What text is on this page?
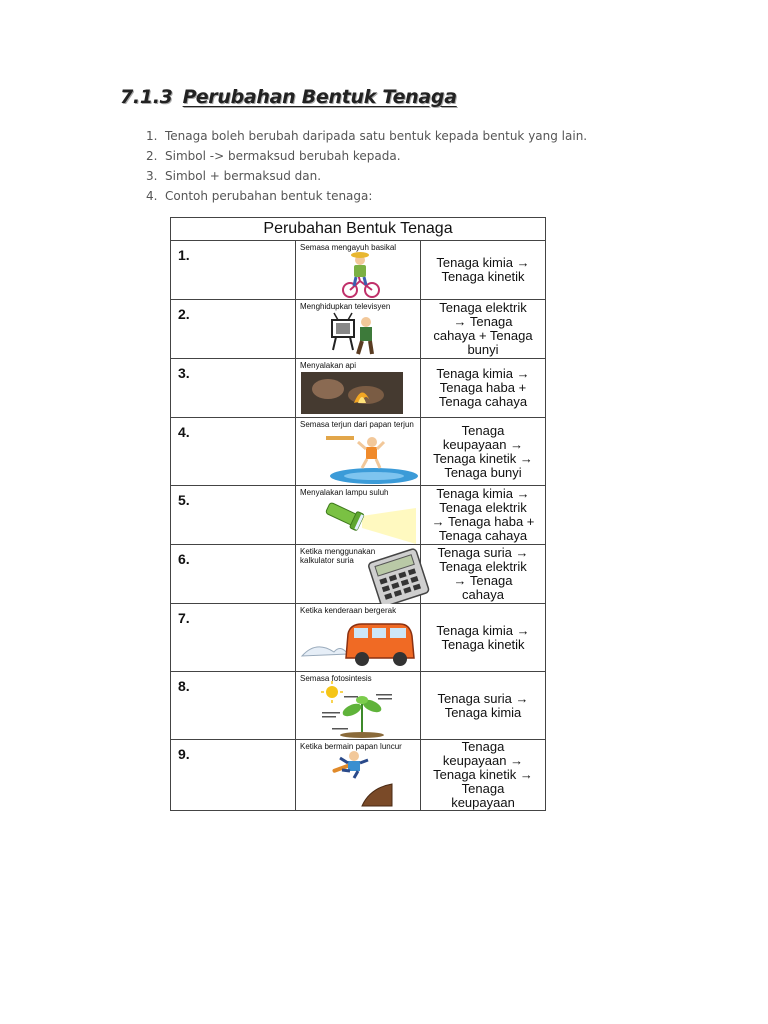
7.1.3 Perubahan Bentuk Tenaga
1. Tenaga boleh berubah daripada satu bentuk kepada bentuk yang lain.
2. Simbol -> bermaksud berubah kepada.
3. Simbol + bermaksud dan.
4. Contoh perubahan bentuk tenaga:
Perubahan Bentuk Tenaga		

1.	Semasa mengayuh basikal	Tenaga kimia → Tenaga kinetik

2.	Menghidupkan televisyen	Tenaga elektrik → Tenaga cahaya + Tenaga bunyi

3.	Menyalakan api	Tenaga kimia → Tenaga haba + Tenaga cahaya

4.	Semasa terjun dari papan terjun	Tenaga keupayaan → Tenaga kinetik → Tenaga bunyi

5.	Menyalakan lampu suluh	Tenaga kimia → Tenaga elektrik → Tenaga haba + Tenaga cahaya

6.	Ketika menggunakan kalkulator suria	Tenaga suria → Tenaga elektrik → Tenaga cahaya

7.	Ketika kenderaan bergerak	Tenaga kimia → Tenaga kinetik

8.	Semasa fotosintesis	Tenaga suria → Tenaga kimia

9.	Ketika bermain papan luncur	Tenaga keupayaan → Tenaga kinetik → Tenaga keupayaan
